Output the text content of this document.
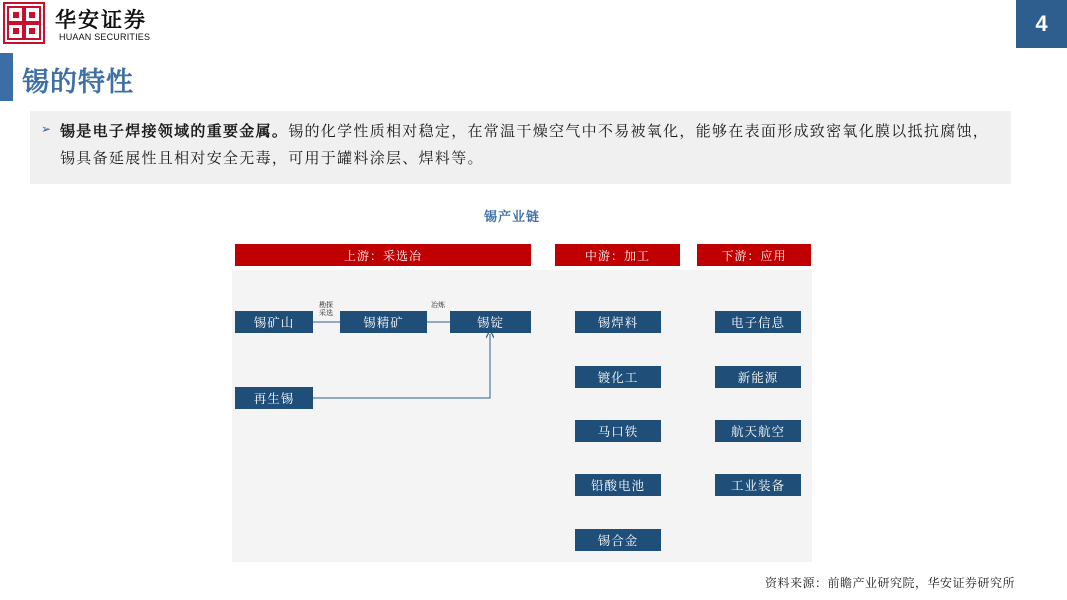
华安证券
HUAAN SECURITIES
4
锡的特性
➢ 锡是电子焊接领域的重要金属。锡的化学性质相对稳定，在常温干燥空气中不易被氧化，能够在表面形成致密氧化膜以抵抗腐蚀，锡具备延展性且相对安全无毒，可用于罐料涂层、焊料等。
锡产业链
上游：采选冶	中游：加工	下游：应用
锡矿山	锡精矿	锡锭
再生锡
勘探
采选
冶炼
锡焊料
镀化工
马口铁
铅酸电池
锡合金
电子信息
新能源
航天航空
工业装备
资料来源：前瞻产业研究院，华安证券研究所
